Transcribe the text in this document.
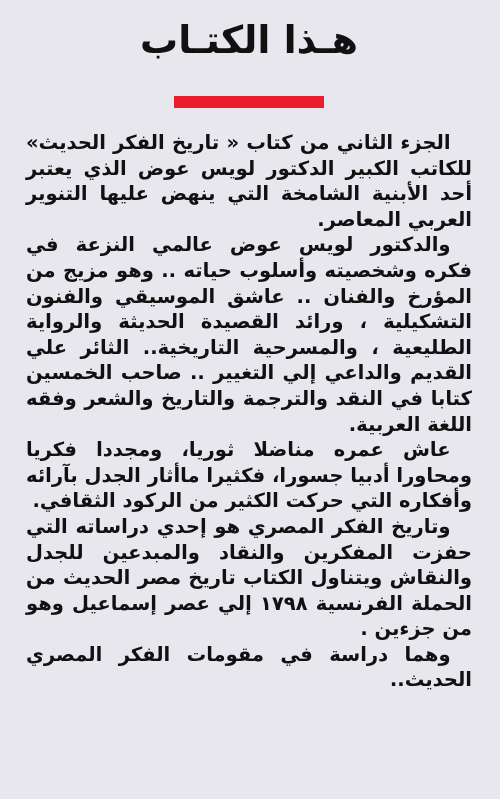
هـذا الكتـاب

الجزء الثاني من كتاب « تاريخ الفكر الحديث» للكاتب الكبير الدكتور لويس عوض الذي يعتبر أحد الأبنية الشامخة التي ينهض عليها التنوير العربي المعاصر.

والدكتور لويس عوض عالمي النزعة في فكره وشخصيته وأسلوب حياته .. وهو مزيج من المؤرخ والفنان .. عاشق الموسيقي والفنون التشكيلية ، ورائد القصيدة الحديثة والرواية الطليعية ، والمسرحية التاريخية.. الثائر علي القديم والداعي إلي التغيير .. صاحب الخمسين كتابا في النقد والترجمة والتاريخ والشعر وفقه اللغة العربية.

عاش عمره مناضلا ثوريا، ومجددا فكريا ومحاورا أدبيا جسورا، فكثيرا ماأثار الجدل بآرائه وأفكاره التي حركت الكثير من الركود الثقافي.

وتاريخ الفكر المصري هو إحدي دراساته التي حفزت المفكرين والنقاد والمبدعين للجدل والنقاش ويتناول الكتاب تاريخ مصر الحديث من الحملة الفرنسية ١٧٩٨ إلي عصر إسماعيل وهو من جزءين .

وهما دراسة في مقومات الفكر المصري الحديث..
